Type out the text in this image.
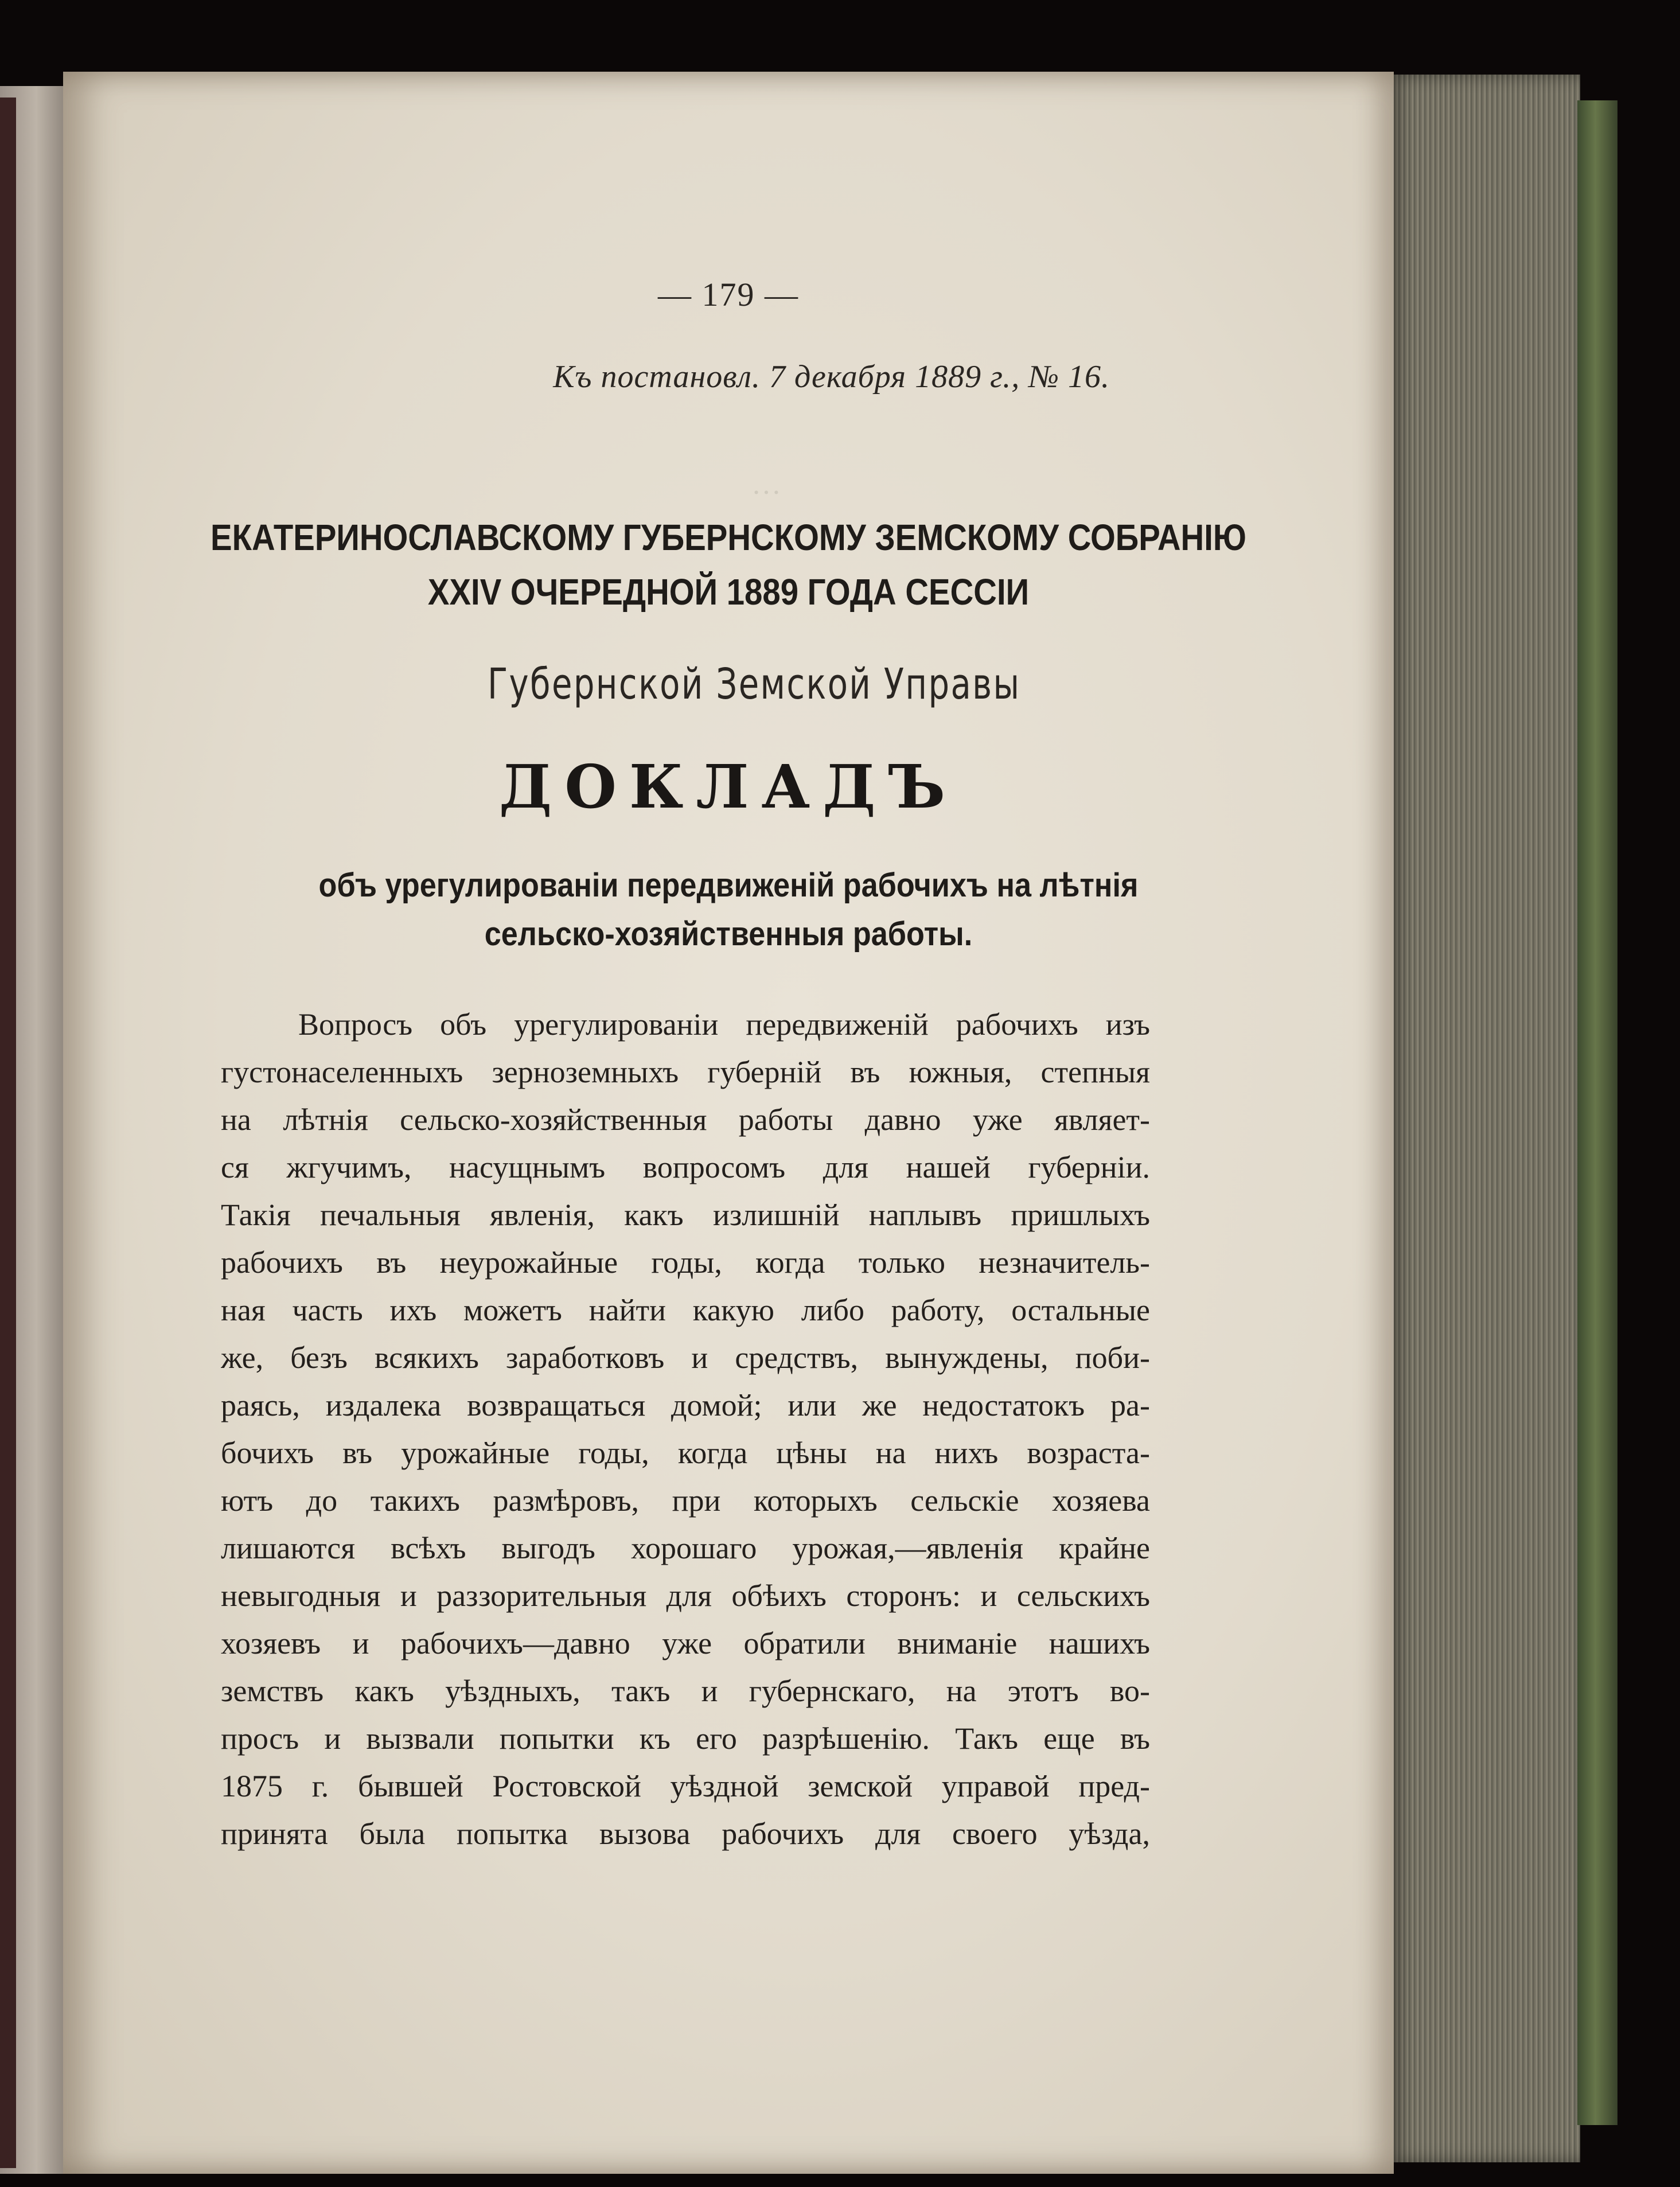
…
— 179 —
Къ постановл. 7 декабря 1889 г., № 16.
ЕКАТЕРИНОСЛАВСКОМУ ГУБЕРНСКОМУ ЗЕМСКОМУ СОБРАНІЮ
XXIV ОЧЕРЕДНОЙ 1889 ГОДА СЕССІИ
Губернской Земской Управы
ДОКЛАДЪ
объ урегулированіи передвиженій рабочихъ на лѣтнія
сельско-хозяйственныя работы.
Вопросъ объ урегулированіи передвиженій рабочихъ изъ
густонаселенныхъ зерноземныхъ губерній въ южныя, степныя
на лѣтнія сельско-хозяйственныя работы давно уже являет-
ся жгучимъ, насущнымъ вопросомъ для нашей губерніи.
Такія печальныя явленія, какъ излишній наплывъ пришлыхъ
рабочихъ въ неурожайные годы, когда только незначитель-
ная часть ихъ можетъ найти какую либо работу, остальные
же, безъ всякихъ заработковъ и средствъ, вынуждены, поби-
раясь, издалека возвращаться домой; или же недостатокъ ра-
бочихъ въ урожайные годы, когда цѣны на нихъ возраста-
ютъ до такихъ размѣровъ, при которыхъ сельскіе хозяева
лишаются всѣхъ выгодъ хорошаго урожая,—явленія крайне
невыгодныя и раззорительныя для обѣихъ сторонъ: и сельскихъ
хозяевъ и рабочихъ—давно уже обратили вниманіе нашихъ
земствъ какъ уѣздныхъ, такъ и губернскаго, на этотъ во-
просъ и вызвали попытки къ его разрѣшенію. Такъ еще въ
1875 г. бывшей Ростовской уѣздной земской управой пред-
принята была попытка вызова рабочихъ для своего уѣзда,
